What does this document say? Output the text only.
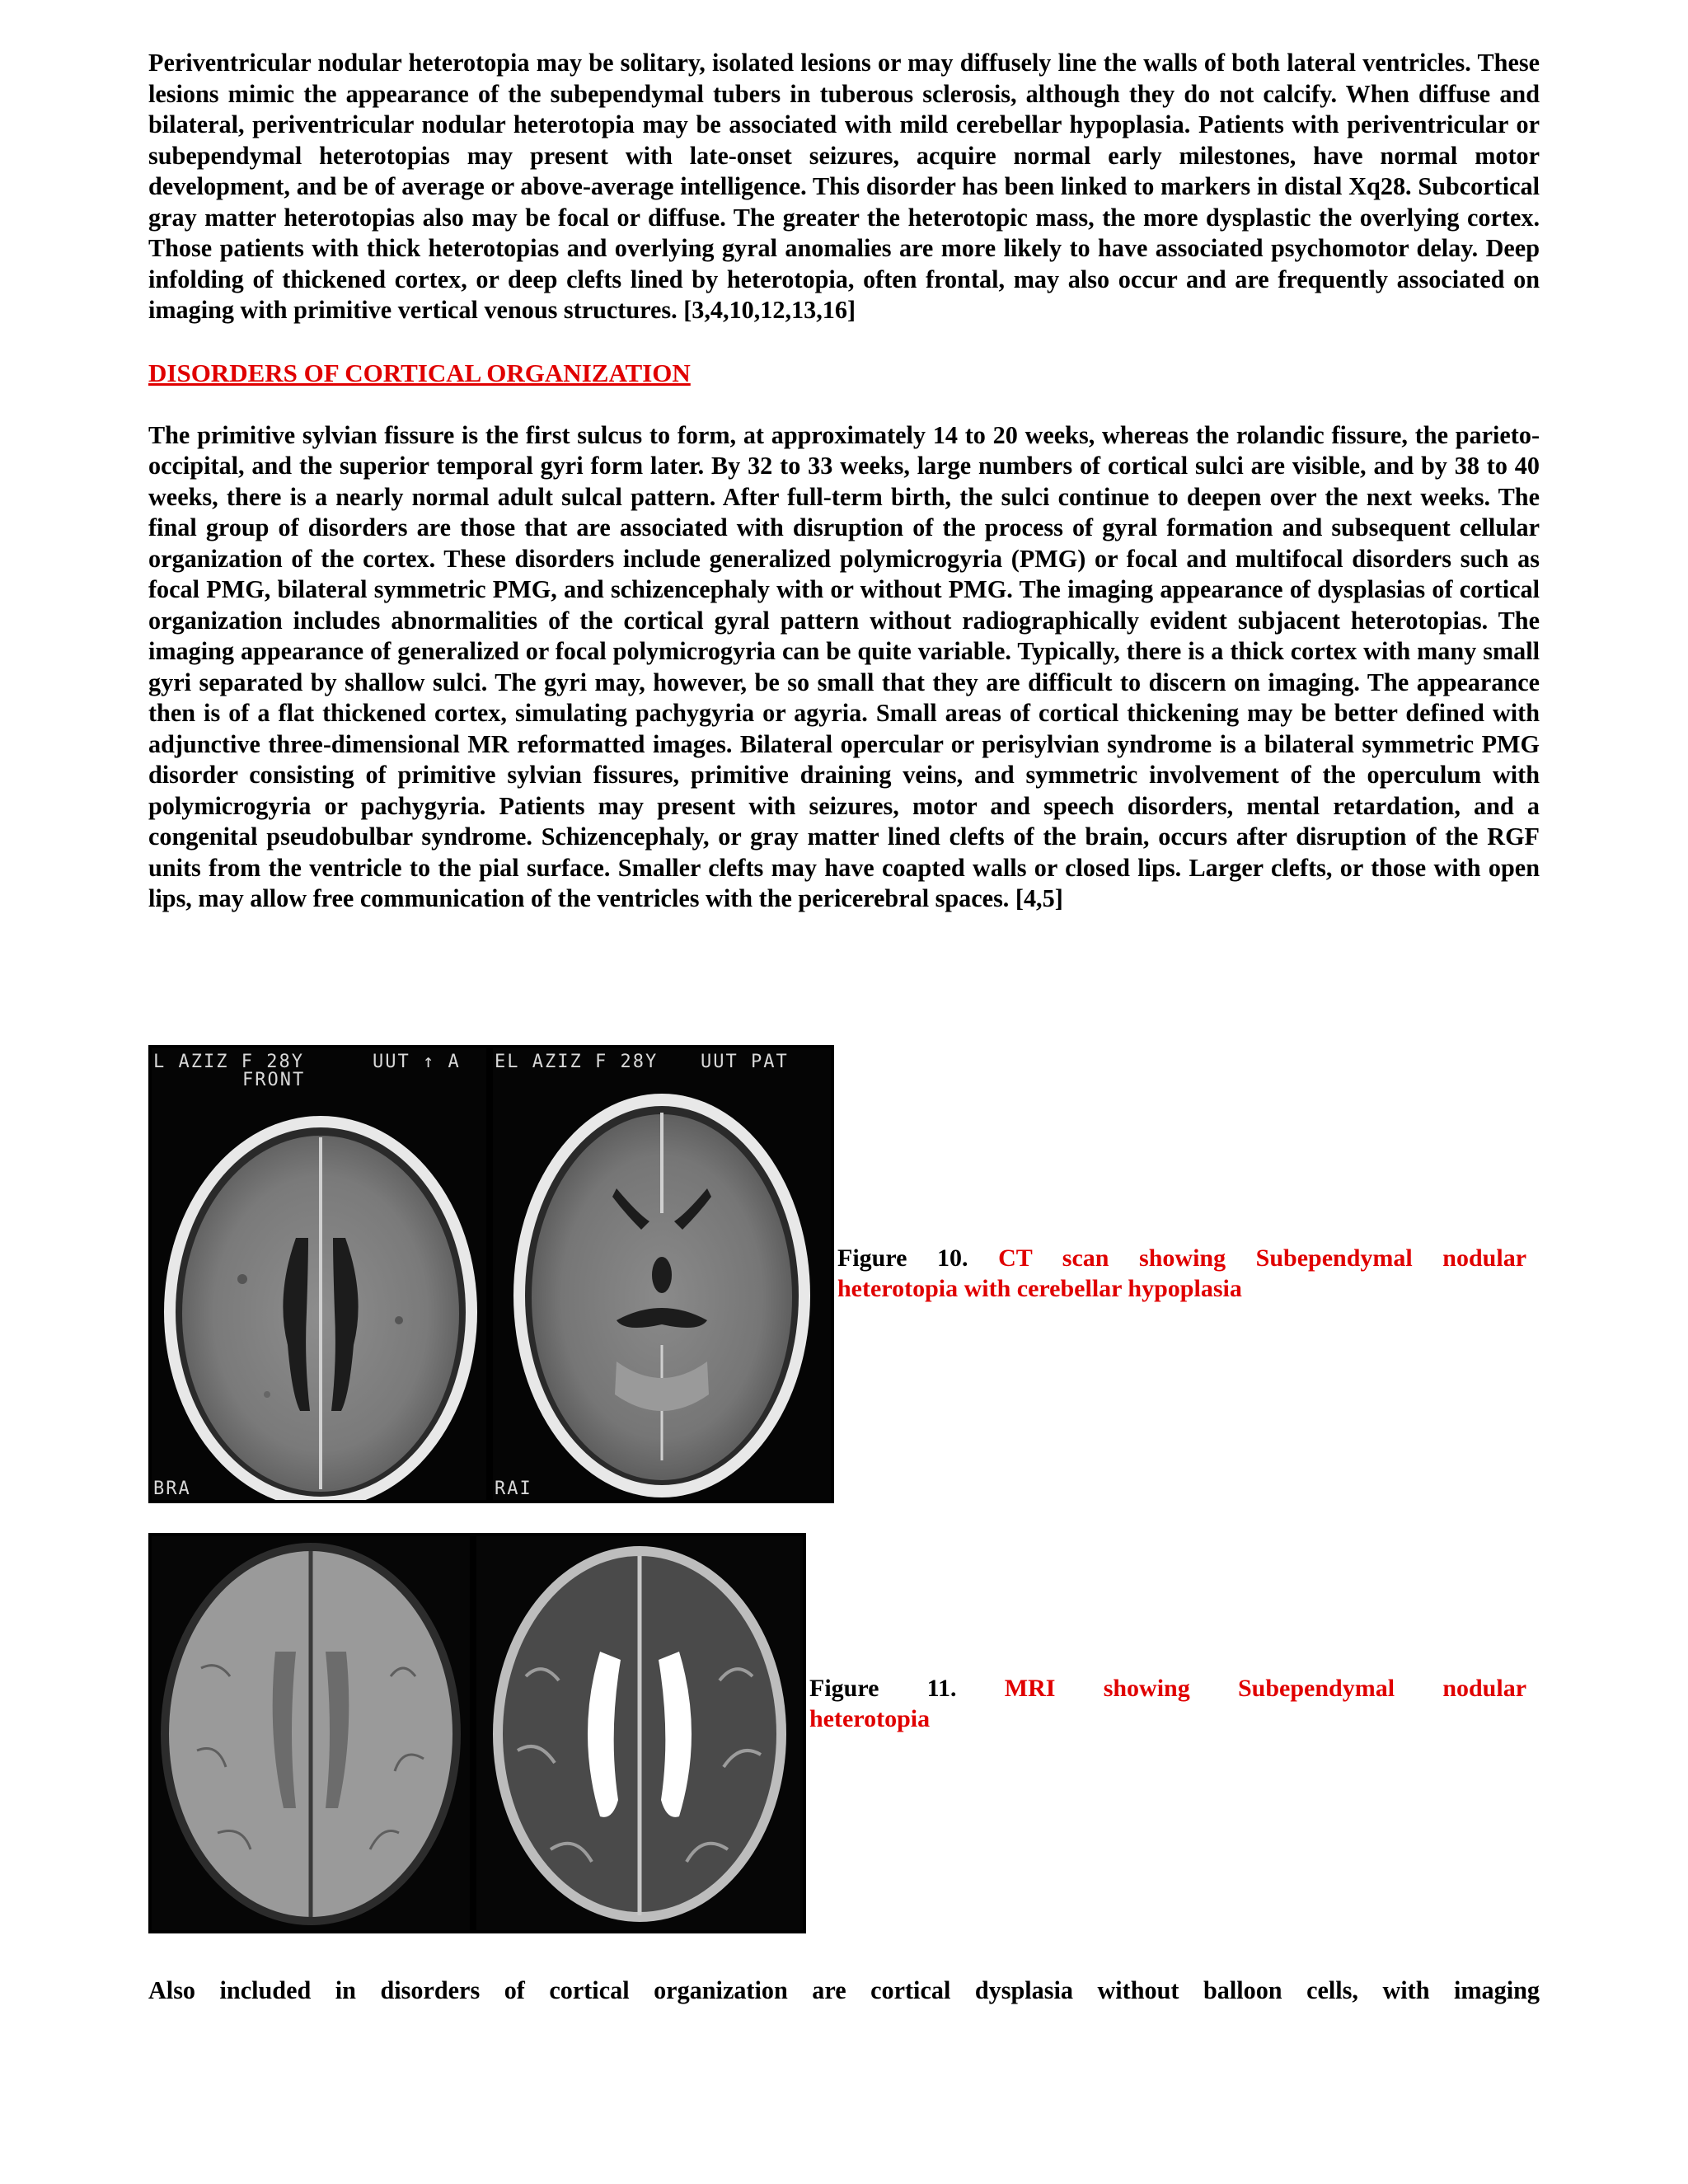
Periventricular nodular heterotopia may be solitary, isolated lesions or may diffusely line the walls of both lateral ventricles. These lesions mimic the appearance of the subependymal tubers in tuberous sclerosis, although they do not calcify. When diffuse and bilateral, periventricular nodular heterotopia may be associated with mild cerebellar hypoplasia. Patients with periventricular or subependymal heterotopias may present with late-onset seizures, acquire normal early milestones, have normal motor development, and be of average or above-average intelligence. This disorder has been linked to markers in distal Xq28. Subcortical gray matter heterotopias also may be focal or diffuse. The greater the heterotopic mass, the more dysplastic the overlying cortex. Those patients with thick heterotopias and overlying gyral anomalies are more likely to have associated psychomotor delay. Deep infolding of thickened cortex, or deep clefts lined by heterotopia, often frontal, may also occur and are frequently associated on imaging with primitive vertical venous structures. [3,4,10,12,13,16]

DISORDERS OF CORTICAL ORGANIZATION

The primitive sylvian fissure is the first sulcus to form, at approximately 14 to 20 weeks, whereas the rolandic fissure, the parieto-occipital, and the superior temporal gyri form later. By 32 to 33 weeks, large numbers of cortical sulci are visible, and by 38 to 40 weeks, there is a nearly normal adult sulcal pattern. After full-term birth, the sulci continue to deepen over the next weeks. The final group of disorders are those that are associated with disruption of the process of gyral formation and subsequent cellular organization of the cortex. These disorders include generalized polymicrogyria (PMG) or focal and multifocal disorders such as focal PMG, bilateral symmetric PMG, and schizencephaly with or without PMG. The imaging appearance of dysplasias of cortical organization includes abnormalities of the cortical gyral pattern without radiographically evident subjacent heterotopias. The imaging appearance of generalized or focal polymicrogyria can be quite variable. Typically, there is a thick cortex with many small gyri separated by shallow sulci. The gyri may, however, be so small that they are difficult to discern on imaging. The appearance then is of a flat thickened cortex, simulating pachygyria or agyria. Small areas of cortical thickening may be better defined with adjunctive three-dimensional MR reformatted images. Bilateral opercular or perisylvian syndrome is a bilateral symmetric PMG disorder consisting of primitive sylvian fissures, primitive draining veins, and symmetric involvement of the operculum with polymicrogyria or pachygyria. Patients may present with seizures, motor and speech disorders, mental retardation, and a congenital pseudobulbar syndrome. Schizencephaly, or gray matter lined clefts of the brain, occurs after disruption of the RGF units from the ventricle to the pial surface. Smaller clefts may have coapted walls or closed lips. Larger clefts, or those with open lips, may allow free communication of the ventricles with the pericerebral spaces. [4,5]

L AZIZ F 28Y
FRONT
UUT ↑ A
BRA
EL AZIZ F 28Y UUT PAT
RAI
Figure 10. CT scan showing Subependymal nodular
heterotopia with cerebellar hypoplasia
Figure 11. MRI showing Subependymal nodular
heterotopia
Also included in disorders of cortical organization are cortical dysplasia without balloon cells, with imaging
